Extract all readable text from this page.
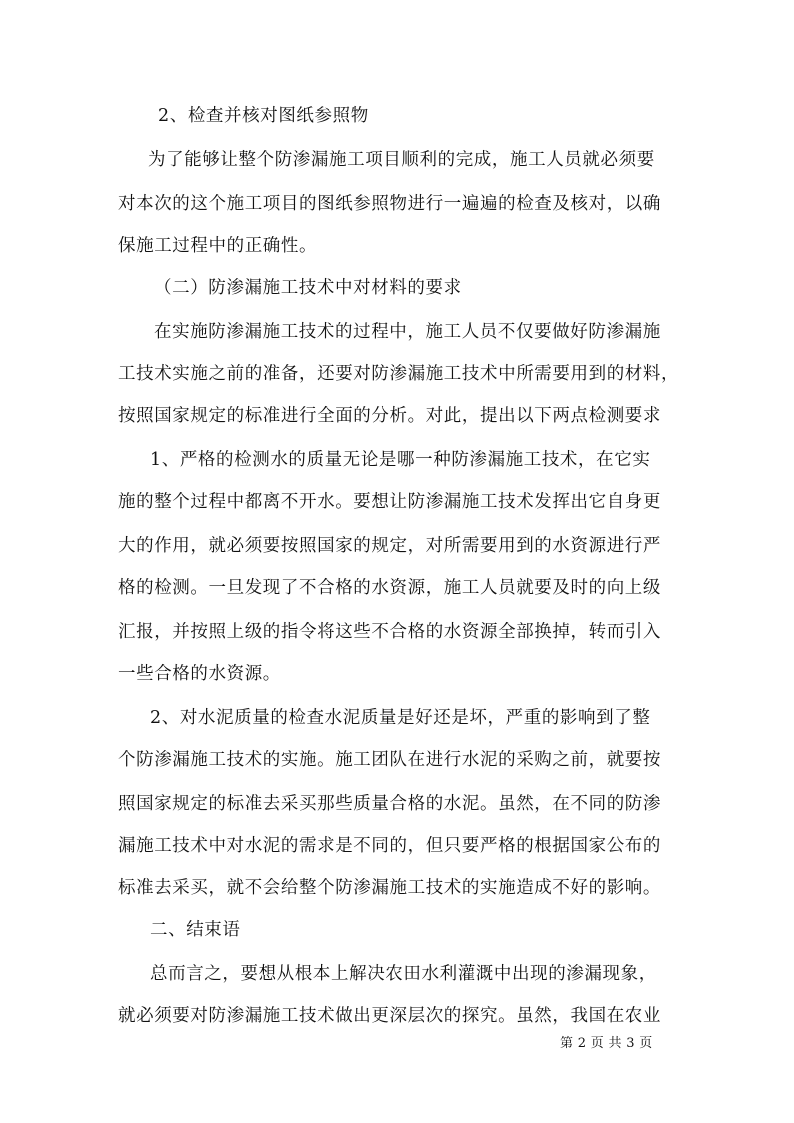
2、检查并核对图纸参照物
为了能够让整个防渗漏施工项目顺利的完成，施工人员就必须要
对本次的这个施工项目的图纸参照物进行一遍遍的检查及核对，以确
保施工过程中的正确性。
（二）防渗漏施工技术中对材料的要求
在实施防渗漏施工技术的过程中，施工人员不仅要做好防渗漏施
工技术实施之前的准备，还要对防渗漏施工技术中所需要用到的材料，
按照国家规定的标准进行全面的分析。对此，提出以下两点检测要求
1、严格的检测水的质量无论是哪一种防渗漏施工技术，在它实
施的整个过程中都离不开水。要想让防渗漏施工技术发挥出它自身更
大的作用，就必须要按照国家的规定，对所需要用到的水资源进行严
格的检测。一旦发现了不合格的水资源，施工人员就要及时的向上级
汇报，并按照上级的指令将这些不合格的水资源全部换掉，转而引入
一些合格的水资源。
2、对水泥质量的检查水泥质量是好还是坏，严重的影响到了整
个防渗漏施工技术的实施。施工团队在进行水泥的采购之前，就要按
照国家规定的标准去采买那些质量合格的水泥。虽然，在不同的防渗
漏施工技术中对水泥的需求是不同的，但只要严格的根据国家公布的
标准去采买，就不会给整个防渗漏施工技术的实施造成不好的影响。
二、结束语
总而言之，要想从根本上解决农田水利灌溉中出现的渗漏现象，
就必须要对防渗漏施工技术做出更深层次的探究。虽然，我国在农业
第 2 页 共 3 页
